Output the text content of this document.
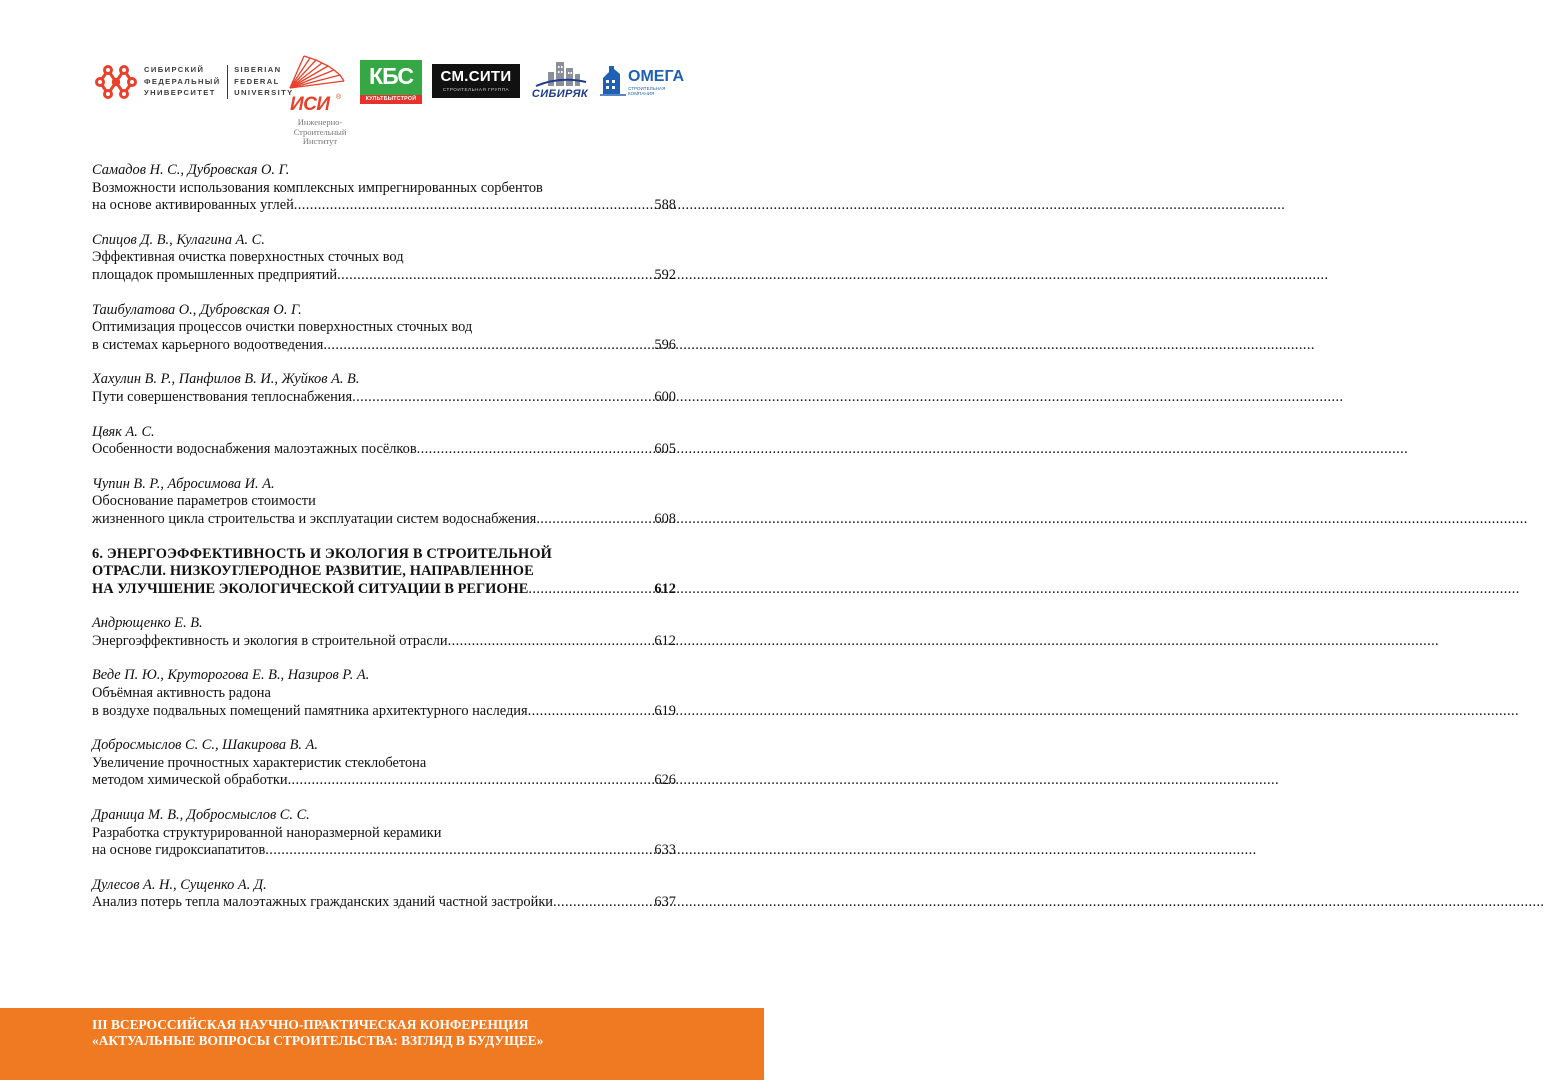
СИБИРСКИЙ
ФЕДЕРАЛЬНЫЙ
УНИВЕРСИТЕТSIBERIAN
FEDERAL
UNIVERSITY
ИСИ ®
Инженерно-
Строительный
Институт
КБС
КУЛЬТБЫТСТРОЙ
СМ.СИТИ
СТРОИТЕЛЬНАЯ ГРУППА	СИБИРЯК
ОМЕГА
СТРОИТЕЛЬНАЯ КОМПАНИЯ
Самадов Н. С., Дубровская О. Г.
Возможности использования комплексных импрегнированных сорбентов
на основе активированных углей .....	588
Спицов Д. В., Кулагина А. С.
Эффективная очистка поверхностных сточных вод
площадок промышленных предприятий .....	592
Ташбулатова О., Дубровская О. Г.
Оптимизация процессов очистки поверхностных сточных вод
в системах карьерного водоотведения .....	596
Хахулин В. Р., Панфилов В. И., Жуйков А. В.
Пути совершенствования теплоснабжения .....	600
Цвяк А. С.
Особенности водоснабжения малоэтажных посёлков .....	605
Чупин В. Р., Абросимова И. А.
Обоснование параметров стоимости
жизненного цикла строительства и эксплуатации систем водоснабжения .....	608
6. ЭНЕРГОЭФФЕКТИВНОСТЬ И ЭКОЛОГИЯ В СТРОИТЕЛЬНОЙ
ОТРАСЛИ. НИЗКОУГЛЕРОДНОЕ РАЗВИТИЕ, НАПРАВЛЕННОЕ
НА УЛУЧШЕНИЕ ЭКОЛОГИЧЕСКОЙ СИТУАЦИИ В РЕГИОНЕ .....	612
Андрющенко Е. В.
Энергоэффективность и экология в строительной отрасли .....	612
Веде П. Ю., Круторогова Е. В., Назиров Р. А.
Объёмная активность радона
в воздухе подвальных помещений памятника архитектурного наследия .....	619
Добросмыслов С. С., Шакирова В. А.
Увеличение прочностных характеристик стеклобетона
методом химической обработки .....	626
Драница М. В., Добросмыслов С. С.
Разработка структурированной наноразмерной керамики
на основе гидроксиапатитов .....	633
Дулесов А. Н., Сущенко А. Д.
Анализ потерь тепла малоэтажных гражданских зданий частной застройки .....	637
III ВСЕРОССИЙСКАЯ НАУЧНО-ПРАКТИЧЕСКАЯ КОНФЕРЕНЦИЯ
«АКТУАЛЬНЫЕ ВОПРОСЫ СТРОИТЕЛЬСТВА: ВЗГЛЯД В БУДУЩЕЕ»
